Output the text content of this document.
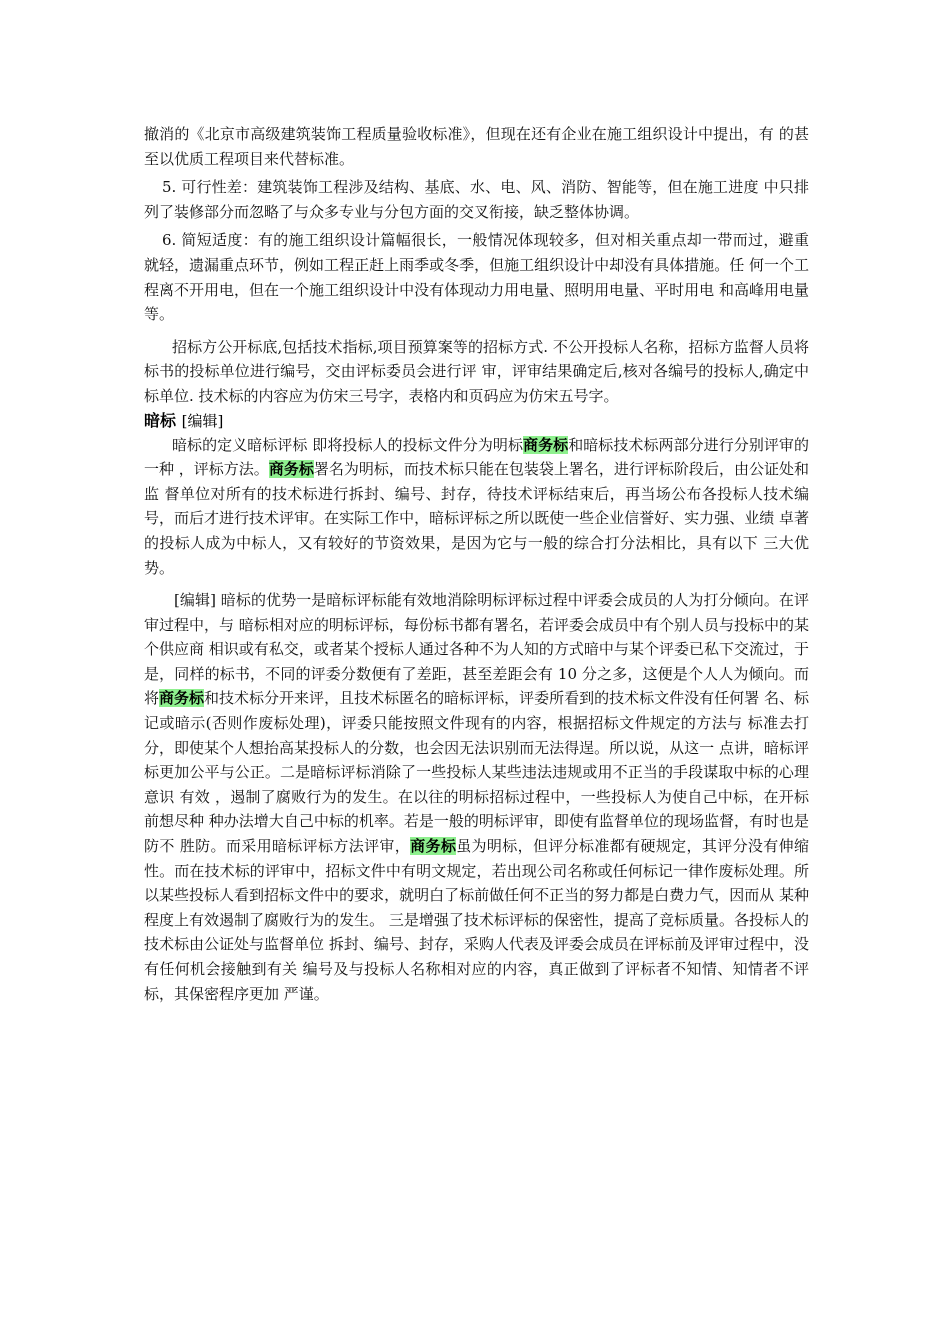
撤消的《北京市高级建筑装饰工程质量验收标准》，但现在还有企业在施工组织设计中提出，有 的甚至以优质工程项目来代替标准。

5. 可行性差：建筑装饰工程涉及结构、基底、水、电、风、消防、智能等，但在施工进度 中只排列了装修部分而忽略了与众多专业与分包方面的交叉衔接，缺乏整体协调。

6. 简短适度：有的施工组织设计篇幅很长，一般情况体现较多，但对相关重点却一带而过，避重就轻，遗漏重点环节，例如工程正赶上雨季或冬季，但施工组织设计中却没有具体措施。任 何一个工程离不开用电，但在一个施工组织设计中没有体现动力用电量、照明用电量、平时用电 和高峰用电量等。

招标方公开标底,包括技术指标,项目预算案等的招标方式. 不公开投标人名称，招标方监督人员将标书的投标单位进行编号，交由评标委员会进行评 审，评审结果确定后,核对各编号的投标人,确定中标单位. 技术标的内容应为仿宋三号字，表格内和页码应为仿宋五号字。

暗标 [编辑]

暗标的定义暗标评标 即将投标人的投标文件分为明标商务标和暗标技术标两部分进行分别评审的一种 ，评标方法。商务标署名为明标，而技术标只能在包装袋上署名，进行评标阶段后，由公证处和监 督单位对所有的技术标进行拆封、编号、封存，待技术评标结束后，再当场公布各投标人技术编 号，而后才进行技术评审。在实际工作中，暗标评标之所以既使一些企业信誉好、实力强、业绩 卓著的投标人成为中标人，又有较好的节资效果，是因为它与一般的综合打分法相比，具有以下 三大优势。

[编辑] 暗标的优势一是暗标评标能有效地消除明标评标过程中评委会成员的人为打分倾向。在评审过程中，与 暗标相对应的明标评标，每份标书都有署名，若评委会成员中有个别人员与投标中的某个供应商 相识或有私交，或者某个授标人通过各种不为人知的方式暗中与某个评委已私下交流过，于是，同样的标书，不同的评委分数便有了差距，甚至差距会有 10 分之多，这便是个人人为倾向。而 将商务标和技术标分开来评，且技术标匿名的暗标评标，评委所看到的技术标文件没有任何署 名、标记或暗示(否则作废标处理)，评委只能按照文件现有的内容，根据招标文件规定的方法与 标准去打分，即使某个人想抬高某投标人的分数，也会因无法识别而无法得逞。所以说，从这一 点讲，暗标评标更加公平与公正。二是暗标评标消除了一些投标人某些违法违规或用不正当的手段谋取中标的心理意识 有效 ，遏制了腐败行为的发生。在以往的明标招标过程中，一些投标人为使自己中标，在开标前想尽种 种办法增大自己中标的机率。若是一般的明标评审，即使有监督单位的现场监督，有时也是防不 胜防。而采用暗标评标方法评审，商务标虽为明标，但评分标准都有硬规定，其评分没有伸缩性。而在技术标的评审中，招标文件中有明文规定，若出现公司名称或任何标记一律作废标处理。所 以某些投标人看到招标文件中的要求，就明白了标前做任何不正当的努力都是白费力气，因而从 某种程度上有效遏制了腐败行为的发生。 三是增强了技术标评标的保密性，提高了竞标质量。各投标人的技术标由公证处与监督单位 拆封、编号、封存，采购人代表及评委会成员在评标前及评审过程中，没有任何机会接触到有关 编号及与投标人名称相对应的内容，真正做到了评标者不知情、知情者不评标，其保密程序更加 严谨。
